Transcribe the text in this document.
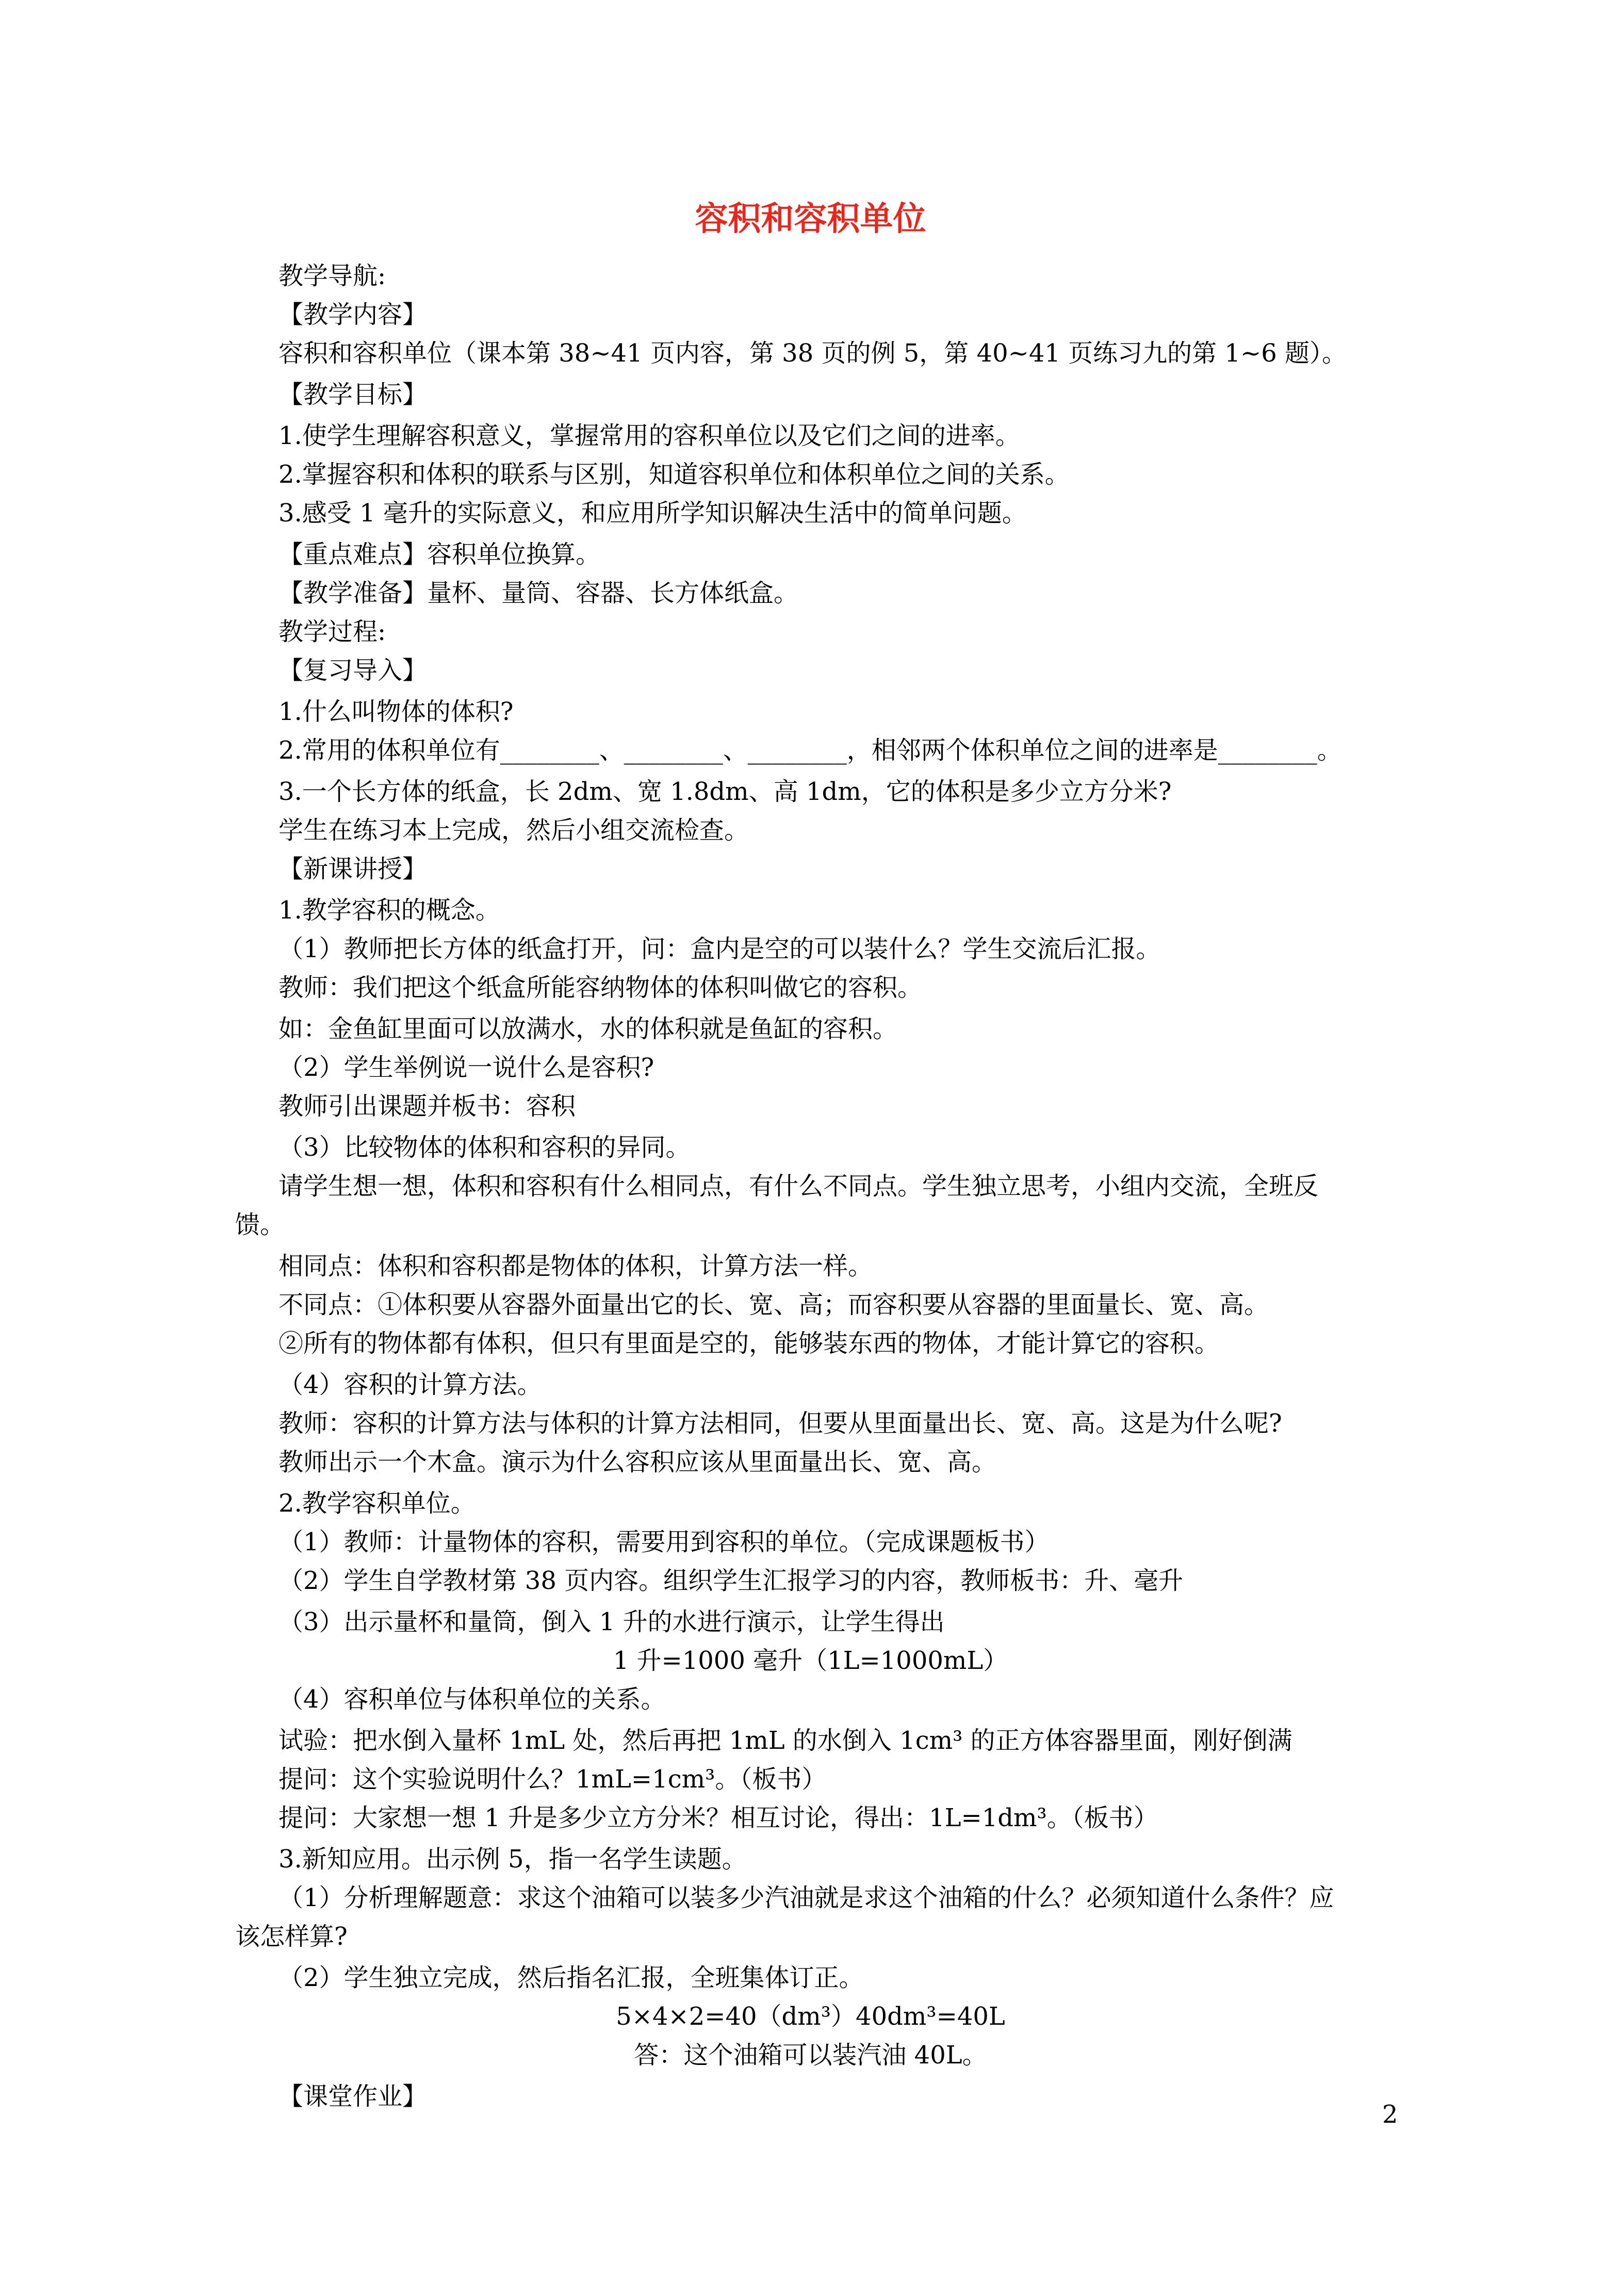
容积和容积单位
教学导航:
【教学内容】
容积和容积单位（课本第 38~41 页内容，第 38 页的例 5，第 40~41 页练习九的第 1~6 题）。
【教学目标】
1.使学生理解容积意义，掌握常用的容积单位以及它们之间的进率。
2.掌握容积和体积的联系与区别，知道容积单位和体积单位之间的关系。
3.感受 1 毫升的实际意义，和应用所学知识解决生活中的简单问题。
【重点难点】容积单位换算。
【教学准备】量杯、量筒、容器、长方体纸盒。
教学过程:
【复习导入】
1.什么叫物体的体积?
2.常用的体积单位有________、________、________，相邻两个体积单位之间的进率是________。
3.一个长方体的纸盒，长 2dm、宽 1.8dm、高 1dm，它的体积是多少立方分米?
学生在练习本上完成，然后小组交流检查。
【新课讲授】
1.教学容积的概念。
（1）教师把长方体的纸盒打开，问：盒内是空的可以装什么？学生交流后汇报。
教师：我们把这个纸盒所能容纳物体的体积叫做它的容积。
如：金鱼缸里面可以放满水，水的体积就是鱼缸的容积。
（2）学生举例说一说什么是容积?
教师引出课题并板书：容积
（3）比较物体的体积和容积的异同。
请学生想一想，体积和容积有什么相同点，有什么不同点。学生独立思考，小组内交流，全班反
馈。
相同点：体积和容积都是物体的体积，计算方法一样。
不同点：①体积要从容器外面量出它的长、宽、高；而容积要从容器的里面量长、宽、高。
②所有的物体都有体积，但只有里面是空的，能够装东西的物体，才能计算它的容积。
（4）容积的计算方法。
教师：容积的计算方法与体积的计算方法相同，但要从里面量出长、宽、高。这是为什么呢?
教师出示一个木盒。演示为什么容积应该从里面量出长、宽、高。
2.教学容积单位。
（1）教师：计量物体的容积，需要用到容积的单位。（完成课题板书）
（2）学生自学教材第 38 页内容。组织学生汇报学习的内容，教师板书：升、毫升
（3）出示量杯和量筒，倒入 1 升的水进行演示，让学生得出
1 升=1000 毫升（1L=1000mL）
（4）容积单位与体积单位的关系。
试验：把水倒入量杯 1mL 处，然后再把 1mL 的水倒入 1cm³ 的正方体容器里面，刚好倒满
提问：这个实验说明什么？1mL=1cm³。（板书）
提问：大家想一想 1 升是多少立方分米？相互讨论，得出：1L=1dm³。（板书）
3.新知应用。出示例 5，指一名学生读题。
（1）分析理解题意：求这个油箱可以装多少汽油就是求这个油箱的什么？必须知道什么条件？应
该怎样算?
（2）学生独立完成，然后指名汇报，全班集体订正。
5×4×2=40（dm³）40dm³=40L
答：这个油箱可以装汽油 40L。
【课堂作业】
2
